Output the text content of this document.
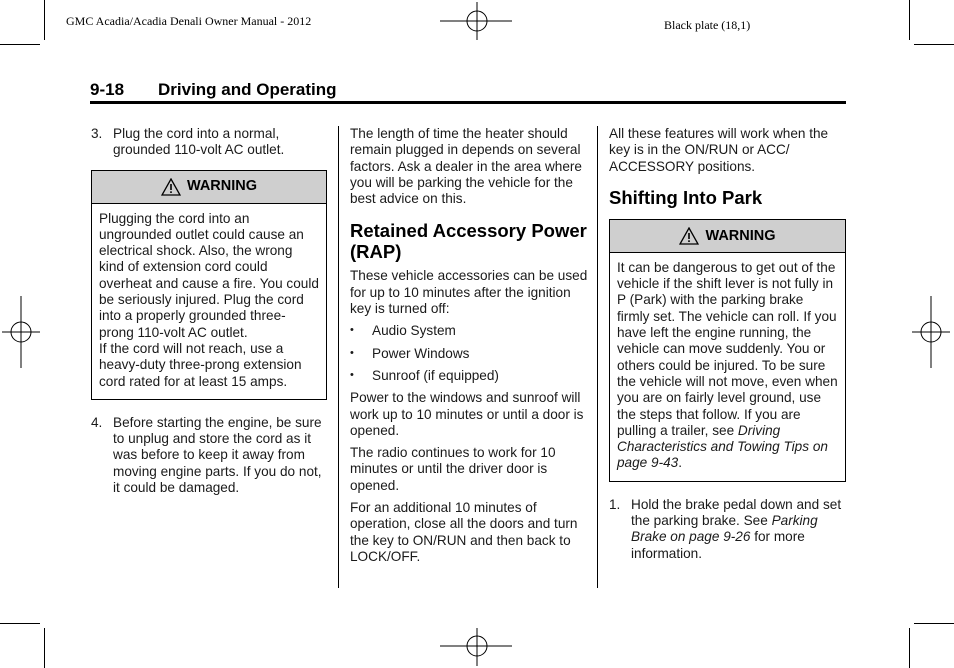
GMC Acadia/Acadia Denali Owner Manual - 2012	Black plate (18,1)
9-18 Driving and Operating
3. Plug the cord into a normal, grounded 110-volt AC outlet.
WARNING

Plugging the cord into an ungrounded outlet could cause an electrical shock. Also, the wrong kind of extension cord could overheat and cause a fire. You could be seriously injured. Plug the cord into a properly grounded three-prong 110-volt AC outlet.

If the cord will not reach, use a heavy-duty three-prong extension cord rated for at least 15 amps.

4. Before starting the engine, be sure to unplug and store the cord as it was before to keep it away from moving engine parts. If you do not, it could be damaged.

The length of time the heater should remain plugged in depends on several factors. Ask a dealer in the area where you will be parking the vehicle for the best advice on this.

Retained Accessory Power (RAP)

These vehicle accessories can be used for up to 10 minutes after the ignition key is turned off:

• Audio System
• Power Windows
• Sunroof (if equipped)

Power to the windows and sunroof will work up to 10 minutes or until a door is opened.

The radio continues to work for 10 minutes or until the driver door is opened.

For an additional 10 minutes of operation, close all the doors and turn the key to ON/RUN and then back to LOCK/OFF.

All these features will work when the key is in the ON/RUN or ACC/ ACCESSORY positions.

Shifting Into Park
WARNING

It can be dangerous to get out of the vehicle if the shift lever is not fully in P (Park) with the parking brake firmly set. The vehicle can roll. If you have left the engine running, the vehicle can move suddenly. You or others could be injured. To be sure the vehicle will not move, even when you are on fairly level ground, use the steps that follow. If you are pulling a trailer, see Driving Characteristics and Towing Tips on page 9-43.

1. Hold the brake pedal down and set the parking brake. See Parking Brake on page 9-26 for more information.
